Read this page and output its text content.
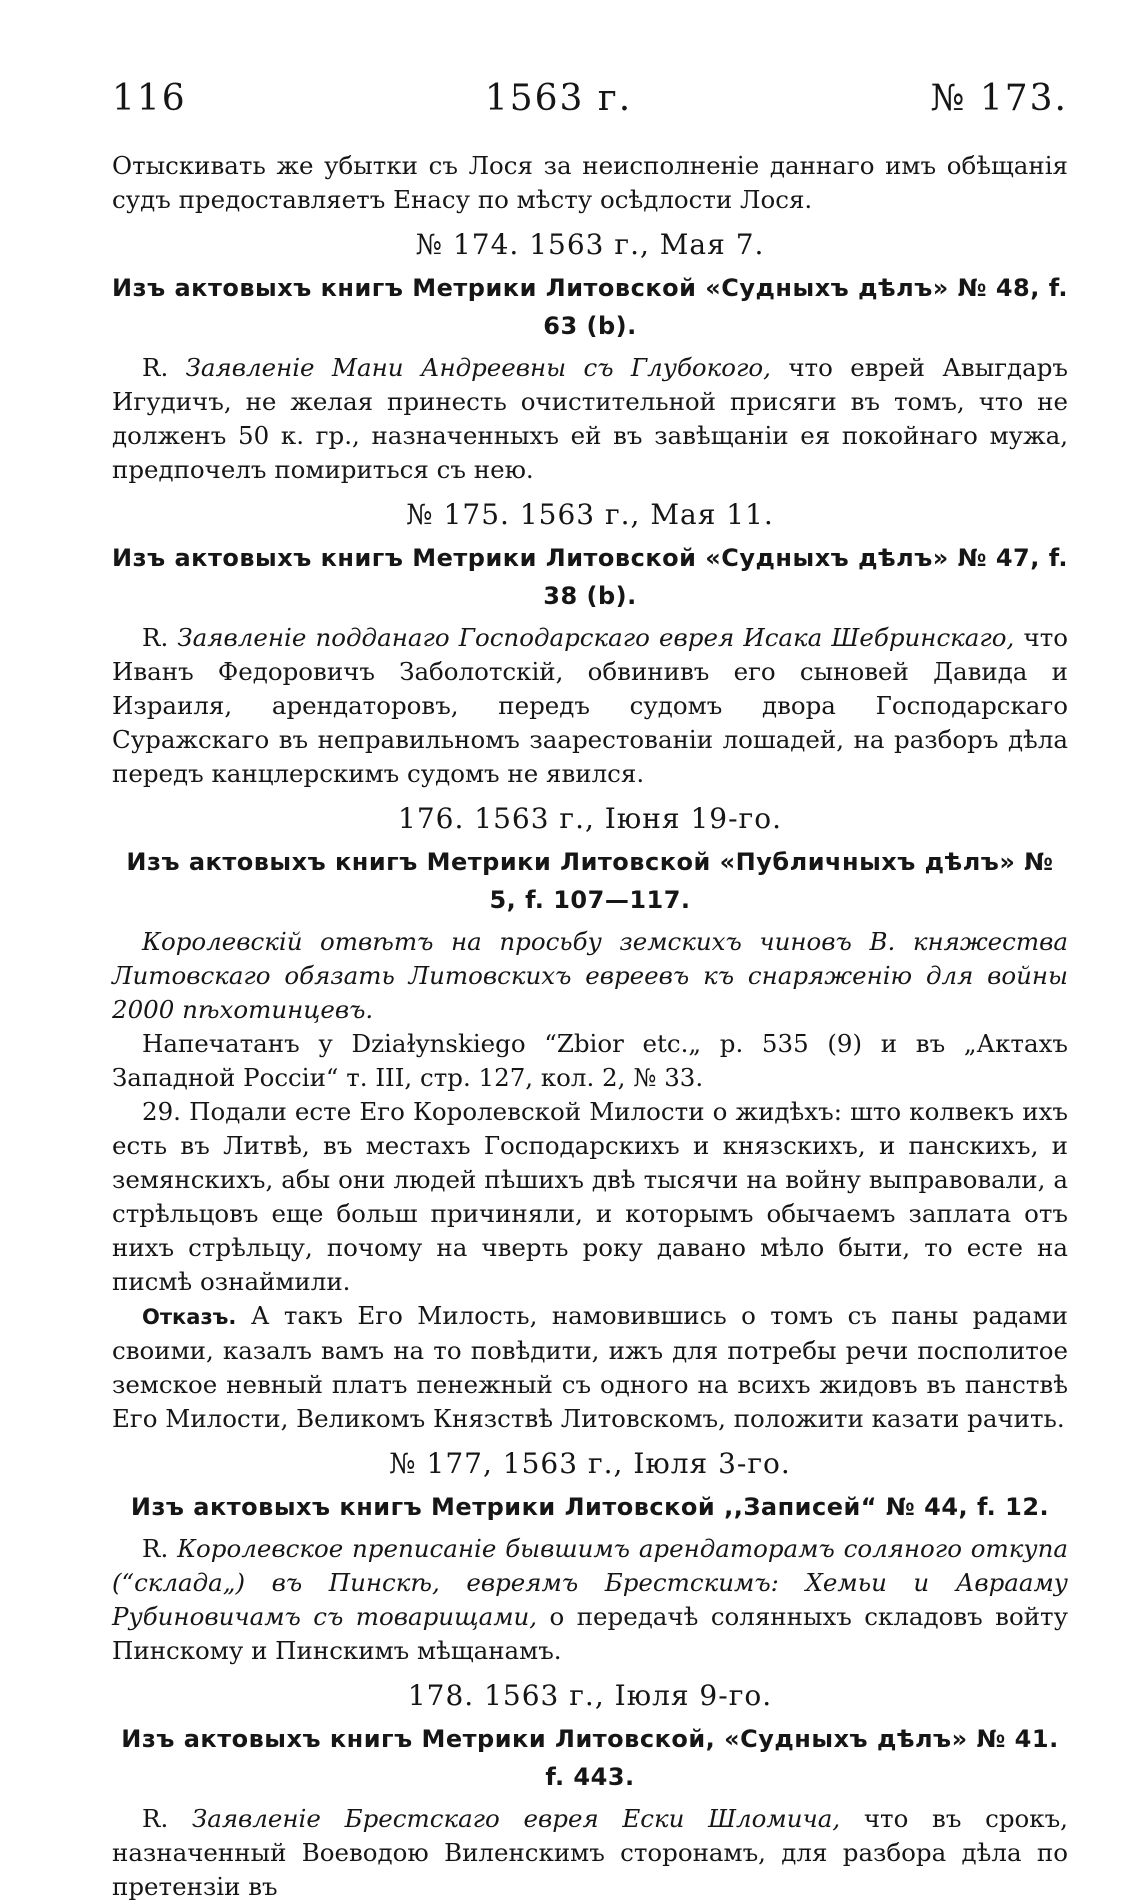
116	1563 г.	№ 173.

Отыскивать же убытки съ Лося за неисполненіе даннаго имъ обѣщанія судъ предоставляетъ Енасу по мѣсту осѣдлости Лося.

№ 174. 1563 г., Мая 7.
Изъ актовыхъ книгъ Метрики Литовской «Судныхъ дѣлъ» № 48, f. 63 (b).

R. Заявленіе Мани Андреевны съ Глубокого, что еврей Авыгдаръ Игудичъ, не желая принесть очистительной присяги въ томъ, что не долженъ 50 к. гр., назначенныхъ ей въ завѣщаніи ея покойнаго мужа, предпочелъ помириться съ нею.

№ 175. 1563 г., Мая 11.
Изъ актовыхъ книгъ Метрики Литовской «Судныхъ дѣлъ» № 47, f. 38 (b).

R. Заявленіе подданаго Господарскаго еврея Исака Шебринскаго, что Иванъ Федоровичъ Заболотскій, обвинивъ его сыновей Давида и Израиля, арендаторовъ, передъ судомъ двора Господарскаго Суражскаго въ неправильномъ заарестованіи лошадей, на разборъ дѣла передъ канцлерскимъ судомъ не явился.

176. 1563 г., Іюня 19-го.
Изъ актовыхъ книгъ Метрики Литовской «Публичныхъ дѣлъ» № 5, f. 107—117.

Королевскій отвѣтъ на просьбу земскихъ чиновъ В. княжества Литовскаго обязать Литовскихъ евреевъ къ снаряженію для войны 2000 пѣхотинцевъ.

Напечатанъ у Dziaɫynskiego “Zbior etc.„ p. 535 (9) и въ „Актахъ Западной Россіи“ т. III, стр. 127, кол. 2, № 33.

29. Подали есте Его Королевской Милости о жидѣхъ: штo колвекъ ихъ есть въ Литвѣ, въ местахъ Господарскихъ и князскихъ, и панскихъ, и земянскихъ, абы они людей пѣшихъ двѣ тысячи на войну выправовали, а стрѣльцовъ еще больш причиняли, и которымъ обычаемъ заплата отъ нихъ стрѣльцу, почому на чверть року давано мѣло быти, то есте на писмѣ ознаймили.

Отказъ. А такъ Его Милость, намовившись о томъ съ паны радами своими, казалъ вамъ на то повѣдити, ижъ для потребы речи посполитое земское невный платъ пенежный съ одного на всихъ жидовъ въ панствѣ Его Милости, Великомъ Князствѣ Литовскомъ, положити казати рачить.

№ 177, 1563 г., Іюля 3-го.
Изъ актовыхъ книгъ Метрики Литовской ,,Записей“ № 44, f. 12.

R. Королевское преписаніе бывшимъ арендаторамъ соляного откупа (“склада„) въ Пинскѣ, евреямъ Брестскимъ: Хемьи и Аврааму Рубиновичамъ съ товарищами, о передачѣ солянныхъ складовъ войту Пинскому и Пинскимъ мѣщанамъ.

178. 1563 г., Іюля 9-го.
Изъ актовыхъ книгъ Метрики Литовской, «Судныхъ дѣлъ» № 41. f. 443.

R. Заявленіе Брестскаго еврея Ески Шломича, что въ срокъ, назначенный Воеводою Виленскимъ сторонамъ, для разбора дѣла по претензіи въ
